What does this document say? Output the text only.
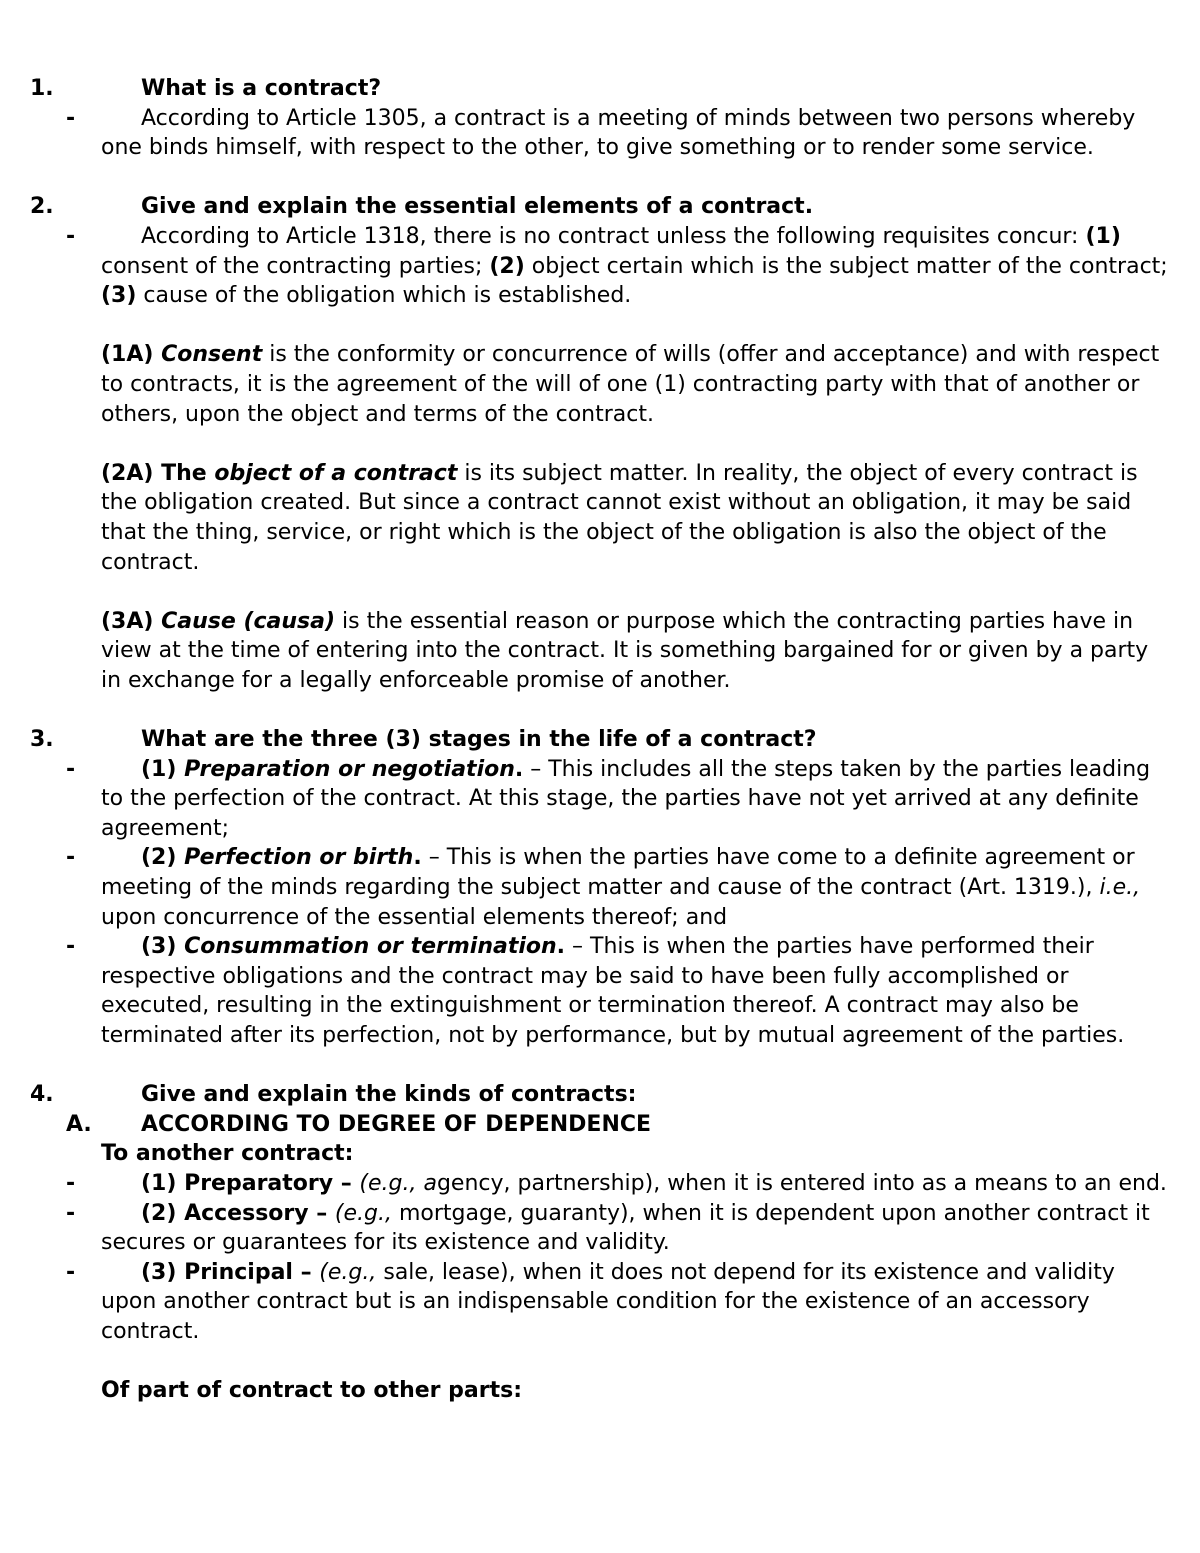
1.	What is a contract?
-	According to Article 1305, a contract is a meeting of minds between two persons whereby one binds himself, with respect to the other, to give something or to render some service.
2.	Give and explain the essential elements of a contract.
-	According to Article 1318, there is no contract unless the following requisites concur: (1) consent of the contracting parties; (2) object certain which is the subject matter of the contract; (3) cause of the obligation which is established.
(1A) Consent is the conformity or concurrence of wills (offer and acceptance) and with respect to contracts, it is the agreement of the will of one (1) contracting party with that of another or others, upon the object and terms of the contract.
(2A) The object of a contract is its subject matter. In reality, the object of every contract is the obligation created. But since a contract cannot exist without an obligation, it may be said that the thing, service, or right which is the object of the obligation is also the object of the contract.
(3A) Cause (causa) is the essential reason or purpose which the contracting parties have in view at the time of entering into the contract. It is something bargained for or given by a party in exchange for a legally enforceable promise of another.
3.	What are the three (3) stages in the life of a contract?
-	(1) Preparation or negotiation. – This includes all the steps taken by the parties leading to the perfection of the contract. At this stage, the parties have not yet arrived at any definite agreement;
-	(2) Perfection or birth. – This is when the parties have come to a definite agreement or meeting of the minds regarding the subject matter and cause of the contract (Art. 1319.), i.e., upon concurrence of the essential elements thereof; and
-	(3) Consummation or termination. – This is when the parties have performed their respective obligations and the contract may be said to have been fully accomplished or executed, resulting in the extinguishment or termination thereof. A contract may also be terminated after its perfection, not by performance, but by mutual agreement of the parties.
4.	Give and explain the kinds of contracts:
A. ACCORDING TO DEGREE OF DEPENDENCE
To another contract:
-	(1) Preparatory – (e.g., agency, partnership), when it is entered into as a means to an end.
-	(2) Accessory – (e.g., mortgage, guaranty), when it is dependent upon another contract it secures or guarantees for its existence and validity.
-	(3) Principal – (e.g., sale, lease), when it does not depend for its existence and validity upon another contract but is an indispensable condition for the existence of an accessory contract.
Of part of contract to other parts:
